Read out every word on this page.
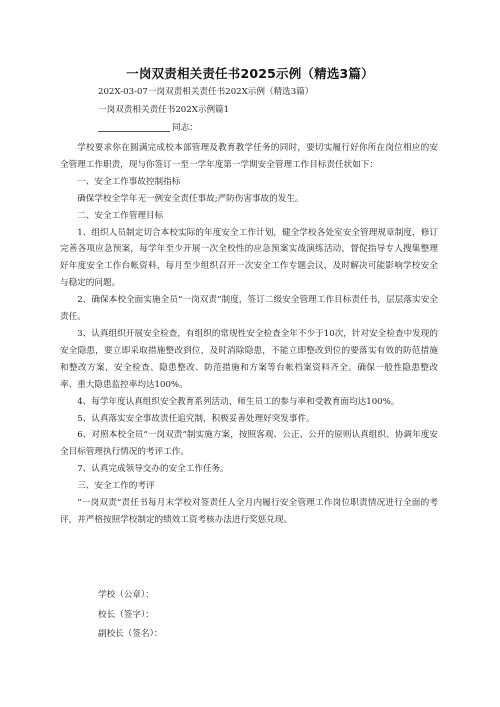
一岗双责相关责任书2025示例（精选3篇）
202X-03-07一岗双责相关责任书202X示例（精选3篇）
一岗双责相关责任书202X示例篇1
同志：

学校要求你在圆满完成校本部管理及教育教学任务的同时，要切实履行好你所在岗位相应的安全管理工作职责，现与你签订一至一学年度第一学期安全管理工作目标责任状如下：

一、安全工作事故控制指标

确保学校全学年无一例安全责任事故;严防伤害事故的发生。

二、安全工作管理目标

1、组织人员制定切合本校实际的年度安全工作计划，健全学校各处室安全管理规章制度，修订完善各项应急预案，每学年至少开展一次全校性的应急预案实战演练活动，督促指导专人搜集整理好年度安全工作台帐资料，每月至少组织召开一次安全工作专题会议，及时解决可能影响学校安全与稳定的问题。

2、确保本校全面实施全员“一岗双责”制度，签订二级安全管理工作目标责任书，层层落实安全责任。

3、认真组织开展安全检查，有组织的常规性安全检查全年不少于10次，针对安全检查中发现的安全隐患，要立即采取措施整改到位，及时消除隐患，不能立即整改到位的要落实有效的防范措施和整改方案，安全检查、隐患整改、防范措施和方案等台帐档案资料齐全。确保一般性隐患整改率、重大隐患监控率均达100%。

4、每学年度认真组织安全教育系列活动，师生员工的参与率和受教育面均达100%。

5、认真落实安全事故责任追究制，积极妥善处理好突发事件。

6、对照本校全员“一岗双责”制实施方案，按照客观、公正、公开的原则认真组织、协调年度安全目标管理执行情况的考评工作。

7、认真完成领导交办的安全工作任务。

三、安全工作的考评

“一岗双责”责任书每月末学校对签责任人全月内履行安全管理工作岗位职责情况进行全面的考评，并严格按照学校制定的绩效工资考核办法进行奖惩兑现。

学校（公章）：
校长（签字）：
副校长（签名）：
